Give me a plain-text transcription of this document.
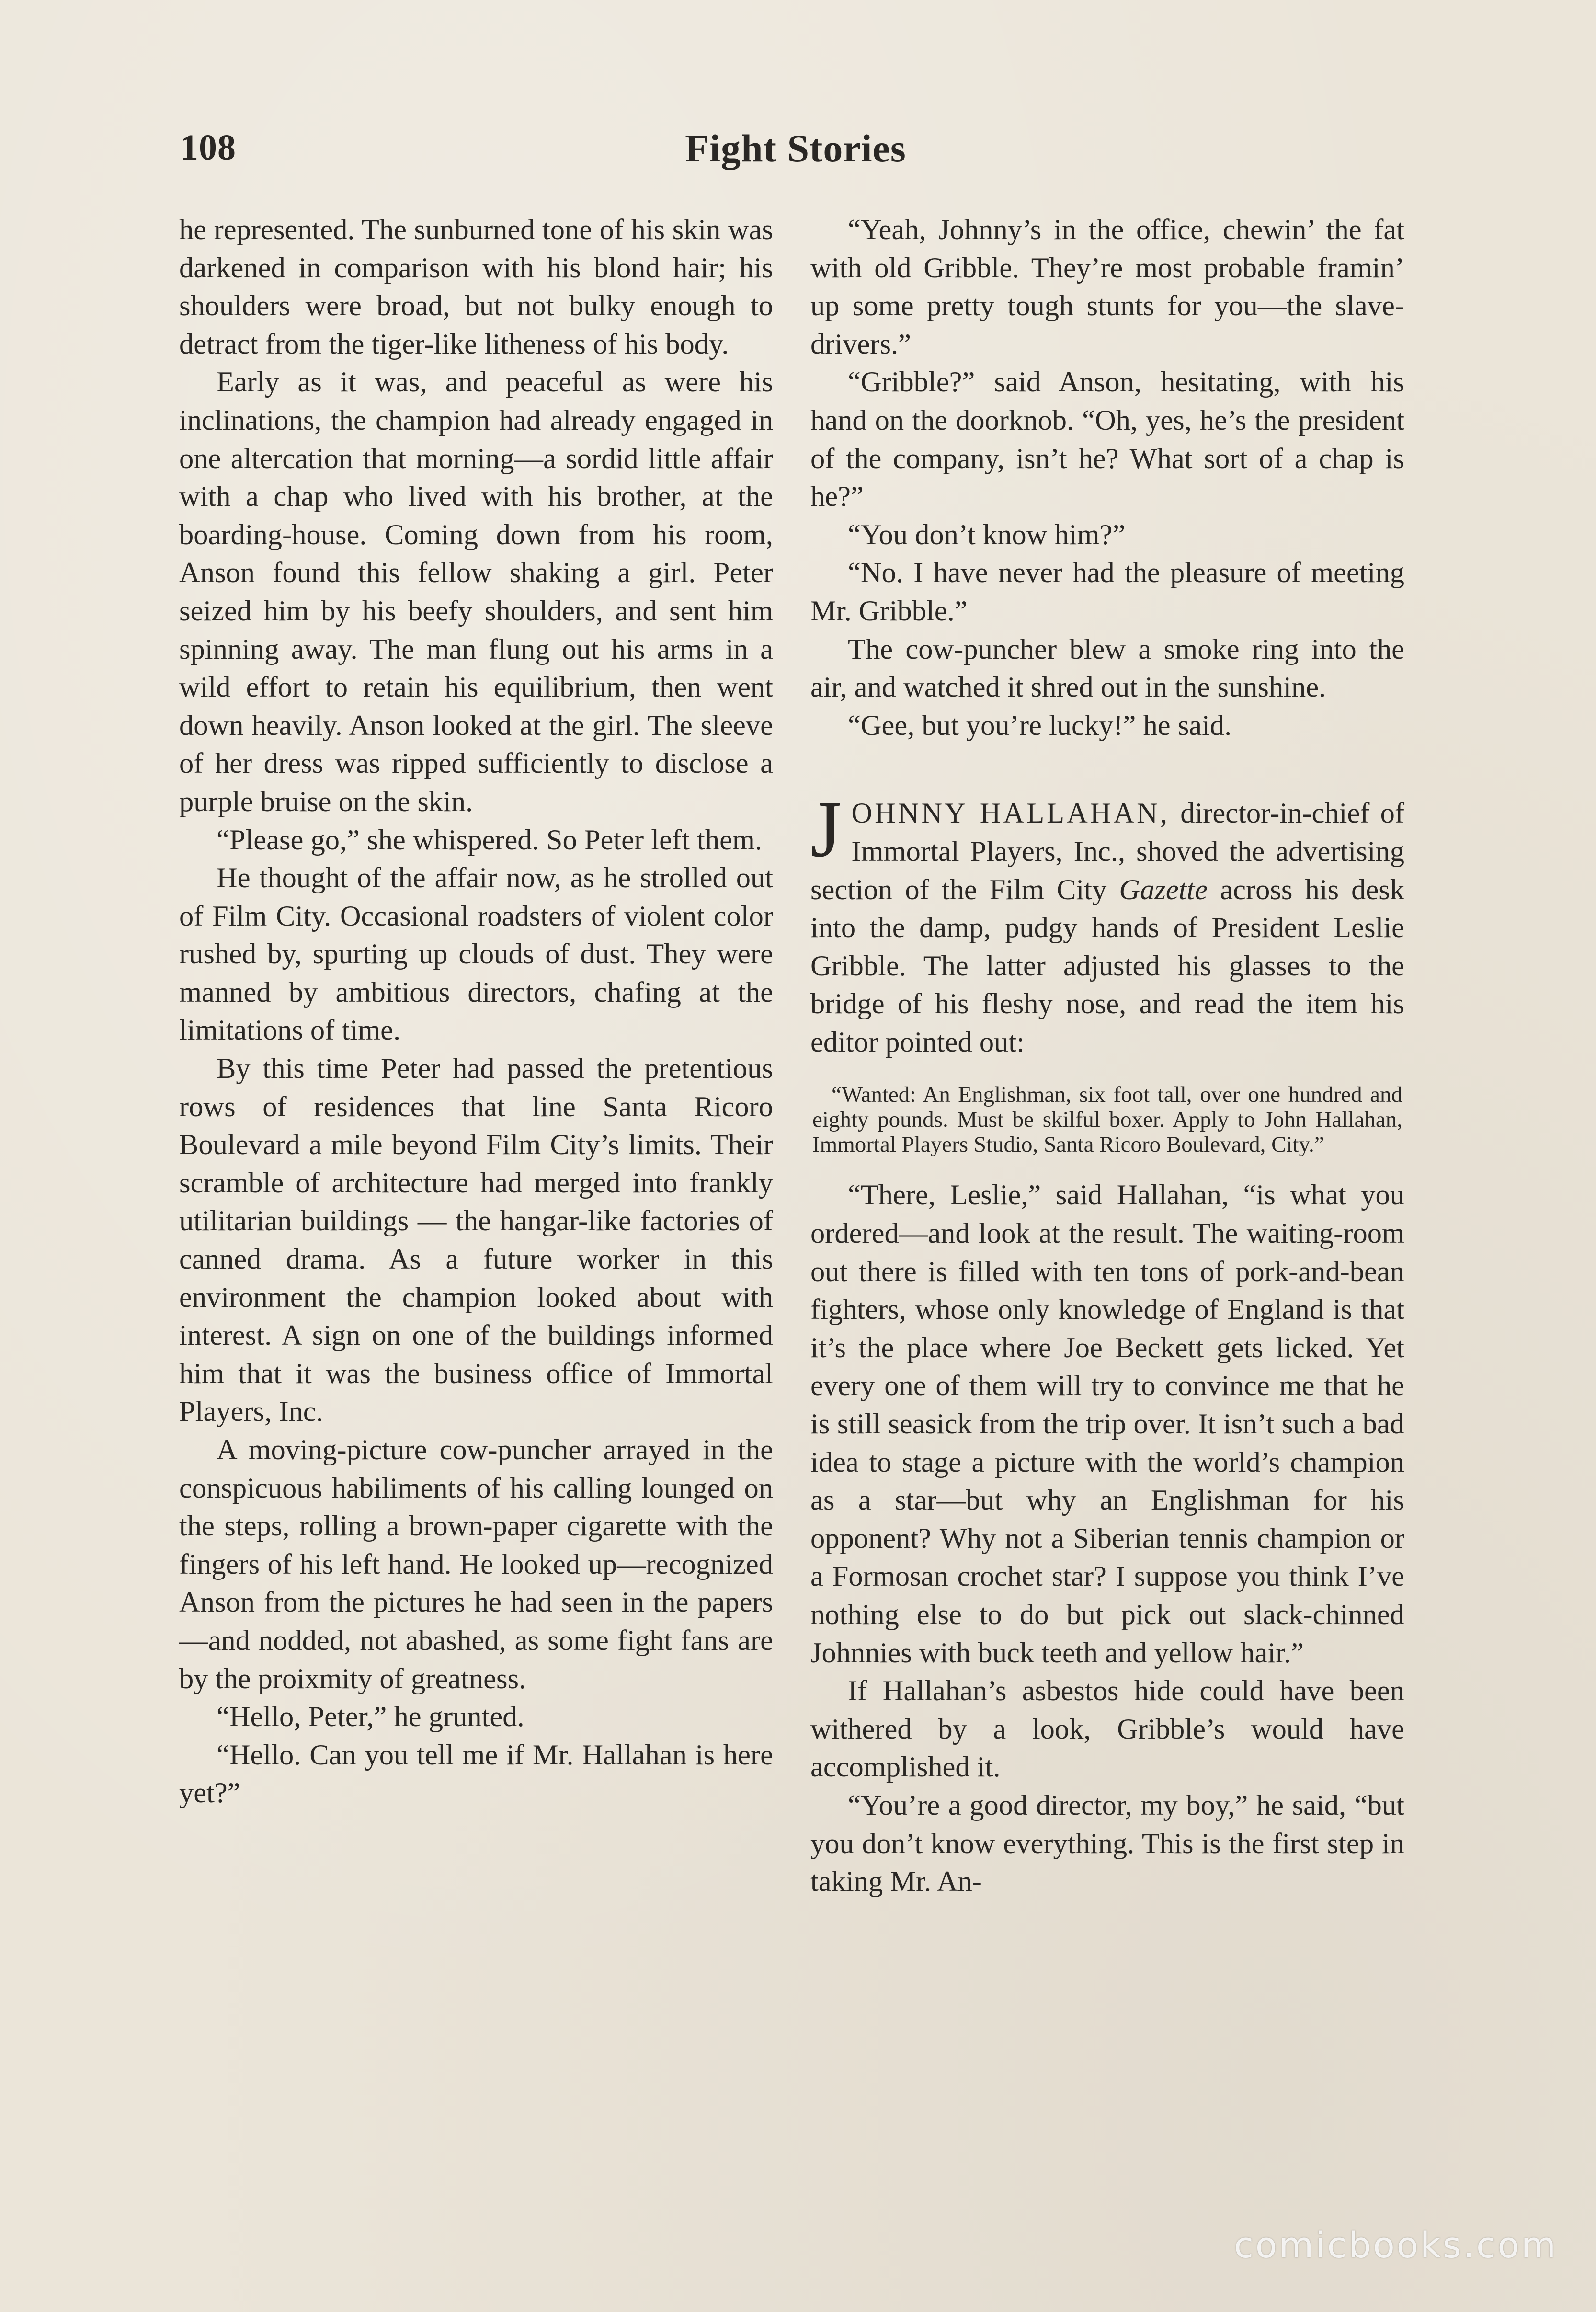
108	Fight Stories

he represented. The sunburned tone of his skin was darkened in comparison with his blond hair; his shoulders were broad, but not bulky enough to detract from the tiger-like litheness of his body.

Early as it was, and peaceful as were his inclinations, the champion had already engaged in one altercation that morning—a sordid little affair with a chap who lived with his brother, at the boarding-house. Coming down from his room, Anson found this fellow shaking a girl. Peter seized him by his beefy shoulders, and sent him spinning away. The man flung out his arms in a wild effort to retain his equilibrium, then went down heavily. Anson looked at the girl. The sleeve of her dress was ripped sufficiently to disclose a purple bruise on the skin.

“Please go,” she whispered. So Peter left them.

He thought of the affair now, as he strolled out of Film City. Occasional roadsters of violent color rushed by, spurting up clouds of dust. They were manned by ambitious directors, chafing at the limitations of time.

By this time Peter had passed the pretentious rows of residences that line Santa Ricoro Boulevard a mile beyond Film City’s limits. Their scramble of architecture had merged into frankly utilitarian buildings — the hangar-like factories of canned drama. As a future worker in this environment the champion looked about with interest. A sign on one of the buildings informed him that it was the business office of Immortal Players, Inc.

A moving-picture cow-puncher arrayed in the conspicuous habiliments of his calling lounged on the steps, rolling a brown-paper cigarette with the fingers of his left hand. He looked up—recognized Anson from the pictures he had seen in the papers—and nodded, not abashed, as some fight fans are by the proixmity of greatness.

“Hello, Peter,” he grunted.

“Hello. Can you tell me if Mr. Hallahan is here yet?”

“Yeah, Johnny’s in the office, chewin’ the fat with old Gribble. They’re most probable framin’ up some pretty tough stunts for you—the slave-drivers.”

“Gribble?” said Anson, hesitating, with his hand on the doorknob. “Oh, yes, he’s the president of the company, isn’t he? What sort of a chap is he?”

“You don’t know him?”

“No. I have never had the pleasure of meeting Mr. Gribble.”

The cow-puncher blew a smoke ring into the air, and watched it shred out in the sunshine.

“Gee, but you’re lucky!” he said.

JOHNNY HALLAHAN, director-in-chief of Immortal Players, Inc., shoved the advertising section of the Film City Gazette across his desk into the damp, pudgy hands of President Leslie Gribble. The latter adjusted his glasses to the bridge of his fleshy nose, and read the item his editor pointed out:

“Wanted: An Englishman, six foot tall, over one hundred and eighty pounds. Must be skilful boxer. Apply to John Hallahan, Immortal Players Studio, Santa Ricoro Boulevard, City.”

“There, Leslie,” said Hallahan, “is what you ordered—and look at the result. The waiting-room out there is filled with ten tons of pork-and-bean fighters, whose only knowledge of England is that it’s the place where Joe Beckett gets licked. Yet every one of them will try to convince me that he is still seasick from the trip over. It isn’t such a bad idea to stage a picture with the world’s champion as a star—but why an Englishman for his opponent? Why not a Siberian tennis champion or a Formosan crochet star? I suppose you think I’ve nothing else to do but pick out slack-chinned Johnnies with buck teeth and yellow hair.”

If Hallahan’s asbestos hide could have been withered by a look, Gribble’s would have accomplished it.

“You’re a good director, my boy,” he said, “but you don’t know everything. This is the first step in taking Mr. An-

comicbooks.com
